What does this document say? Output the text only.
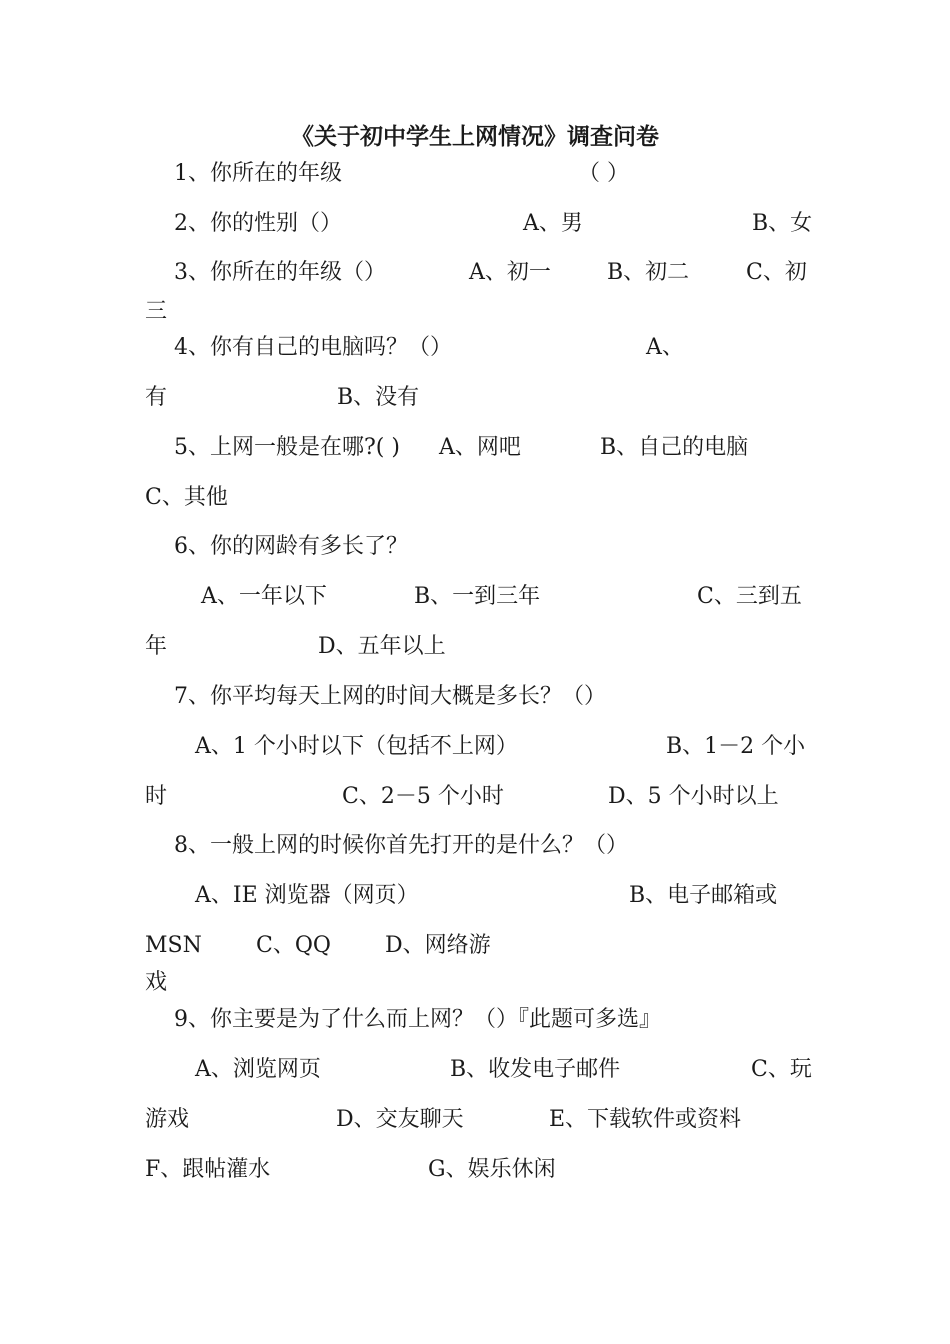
《关于初中学生上网情况》调查问卷
1、你所在的年级	（ ）
2、你的性别（）	A、男	B、女
3、你所在的年级（）	A、初一	B、初二	C、初
三
4、你有自己的电脑吗？（）	A、
有	B、没有
5、上网一般是在哪?( ) A、网吧	B、自己的电脑
C、其他
6、你的网龄有多长了？
A、一年以下	B、一到三年	C、三到五
年	D、五年以上
7、你平均每天上网的时间大概是多长？（）
A、1 个小时以下（包括不上网）	B、1－2 个小
时	C、2－5 个小时	D、5 个小时以上
8、一般上网的时候你首先打开的是什么？（）
A、IE 浏览器（网页）	B、电子邮箱或
MSN C、QQ D、网络游
戏
9、你主要是为了什么而上网？（）『此题可多选』
A、浏览网页	B、收发电子邮件	C、玩
游戏	D、交友聊天	E、下载软件或资料
F、跟帖灌水	G、娱乐休闲
